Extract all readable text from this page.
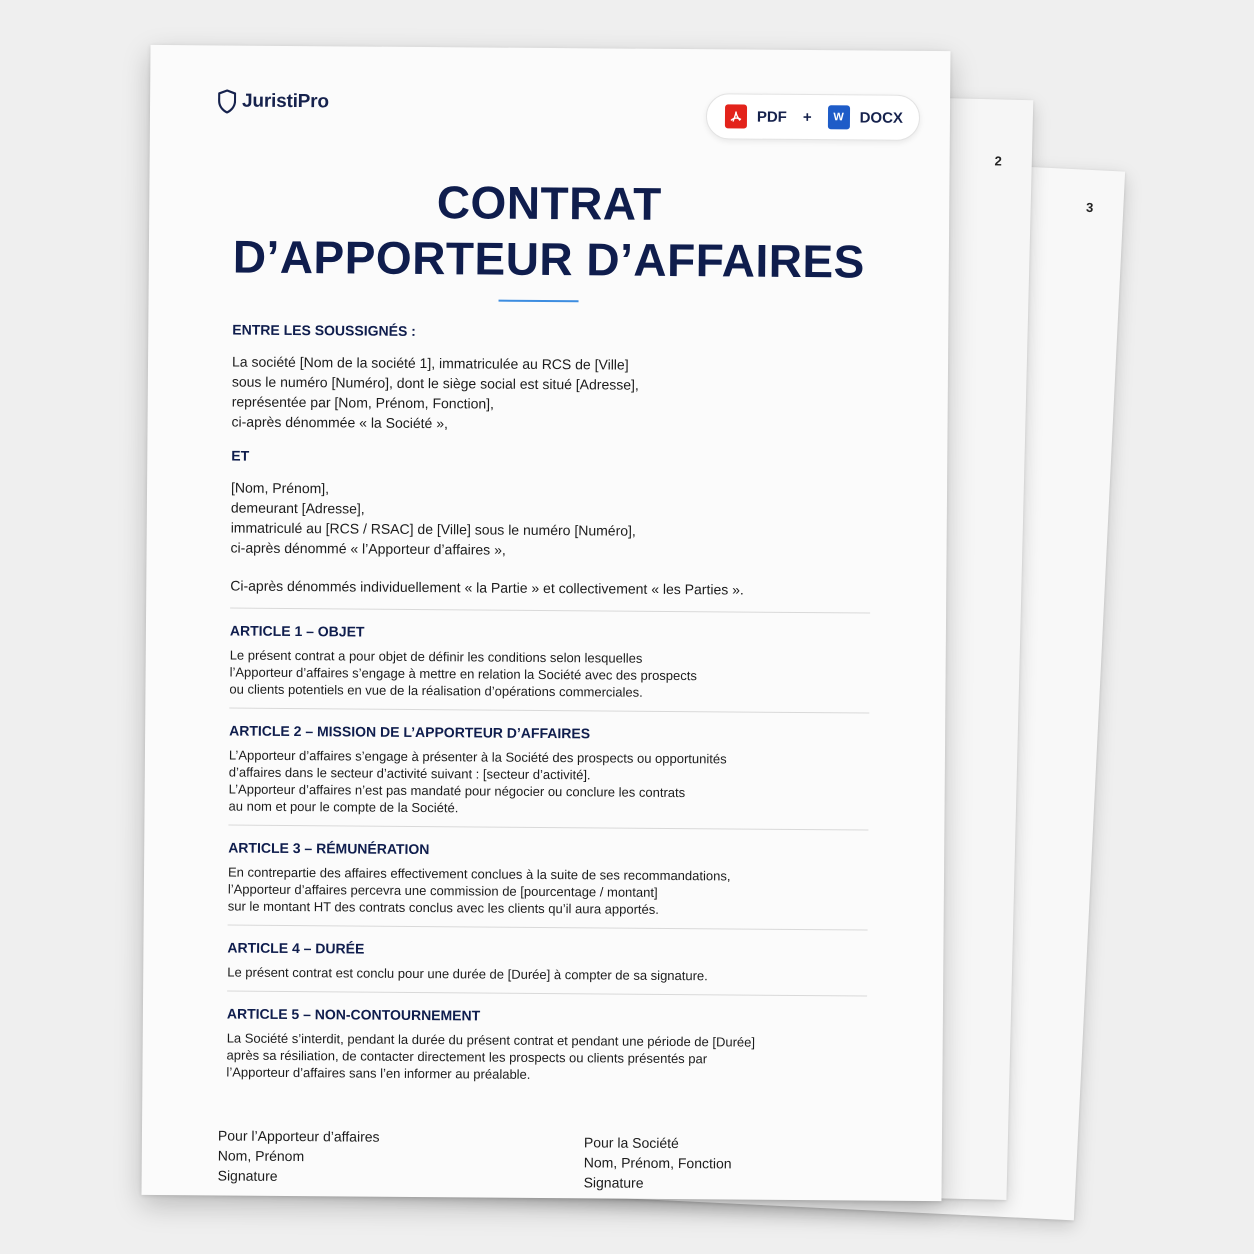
3
2
JuristiPro
PDF +	W	DOCX
CONTRAT
D’APPORTEUR D’AFFAIRES
ENTRE LES SOUSSIGNÉS :
La société [Nom de la société 1], immatriculée au RCS de [Ville]
sous le numéro [Numéro], dont le siège social est situé [Adresse],
représentée par [Nom, Prénom, Fonction],
ci-après dénommée « la Société »,
ET
[Nom, Prénom],
demeurant [Adresse],
immatriculé au [RCS / RSAC] de [Ville] sous le numéro [Numéro],
ci-après dénommé « l’Apporteur d’affaires »,
Ci-après dénommés individuellement « la Partie » et collectivement « les Parties ».
ARTICLE 1 – OBJET
Le présent contrat a pour objet de définir les conditions selon lesquelles
l’Apporteur d’affaires s’engage à mettre en relation la Société avec des prospects
ou clients potentiels en vue de la réalisation d’opérations commerciales.
ARTICLE 2 – MISSION DE L’APPORTEUR D’AFFAIRES
L’Apporteur d’affaires s’engage à présenter à la Société des prospects ou opportunités
d’affaires dans le secteur d’activité suivant : [secteur d’activité].
L’Apporteur d’affaires n’est pas mandaté pour négocier ou conclure les contrats
au nom et pour le compte de la Société.
ARTICLE 3 – RÉMUNÉRATION
En contrepartie des affaires effectivement conclues à la suite de ses recommandations,
l’Apporteur d’affaires percevra une commission de [pourcentage / montant]
sur le montant HT des contrats conclus avec les clients qu’il aura apportés.
ARTICLE 4 – DURÉE
Le présent contrat est conclu pour une durée de [Durée] à compter de sa signature.
ARTICLE 5 – NON-CONTOURNEMENT
La Société s’interdit, pendant la durée du présent contrat et pendant une période de [Durée]
après sa résiliation, de contacter directement les prospects ou clients présentés par
l’Apporteur d’affaires sans l’en informer au préalable.
Pour l’Apporteur d’affaires
Nom, Prénom
Signature
Pour la Société
Nom, Prénom, Fonction
Signature
